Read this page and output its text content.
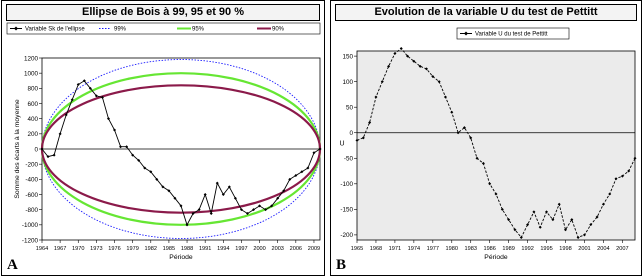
Ellipse de Bois à 99, 95 et 90 %
Variable Sk de l'ellipse	99%	95%	90%
1200
1000
800
600
400
200
0
-200
-400
-600
-800
-1000
-1200
1964 1967 1970 1973 1976 1979 1982 1985 1988 1991 1994 1997 2000 2003 2006 2009
Période
Somme des écarts à la moyenne
A
Evolution de la variable U du test de Pettitt
Variable U du test de Pettitt
150
100
50
0
-50
-100
-150
-200
1965 1968 1971 1974 1977 1980 1983 1986 1989 1992 1995 1998 2001 2004 2007
Période
U
B
